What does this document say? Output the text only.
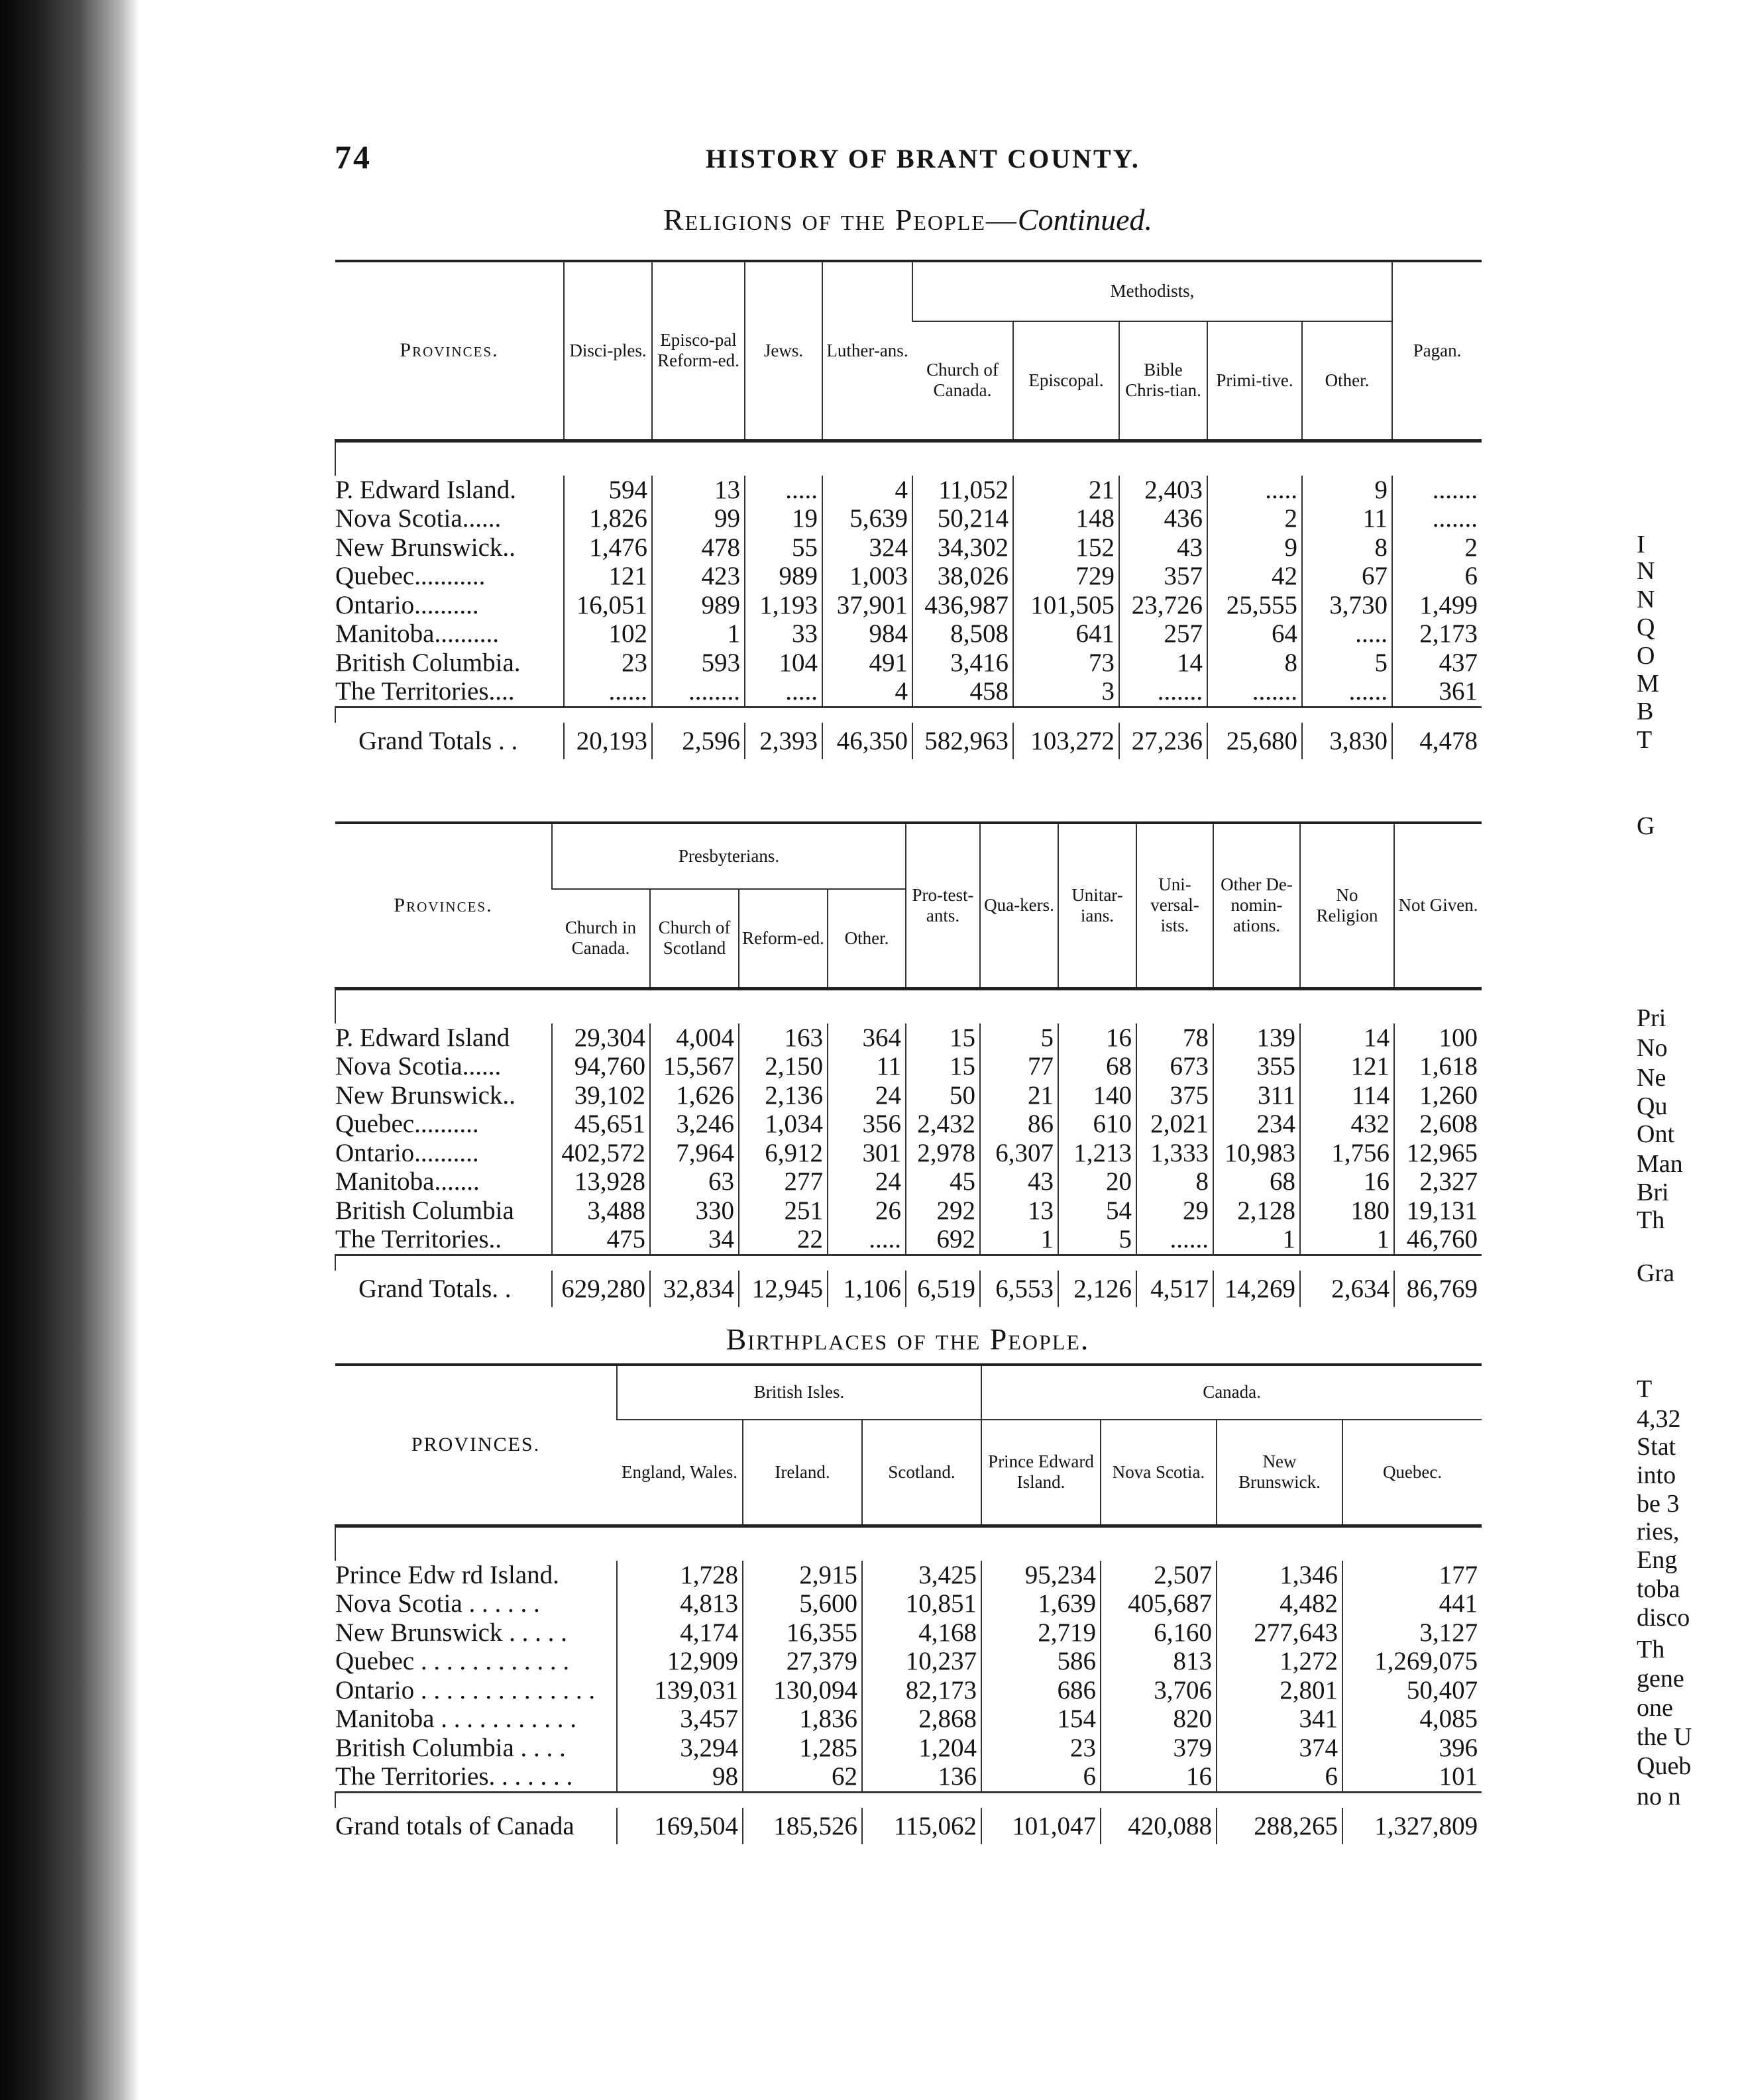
74	HISTORY OF BRANT COUNTY.
Religions of the People—Continued.
Provinces.	Disci-ples.	Episco-pal Reform-ed.	Jews.	Luther-ans.	Methodists,					Pagan.
					Church of Canada.	Episcopal.	Bible Chris-tian.	Primi-tive.	Other.	

P. Edward Island.	594	13	.....	4	11,052	21	2,403	.....	9	.......
Nova Scotia......	1,826	99	19	5,639	50,214	148	436	2	11	.......
New Brunswick..	1,476	478	55	324	34,302	152	43	9	8	2
Quebec...........	121	423	989	1,003	38,026	729	357	42	67	6
Ontario..........	16,051	989	1,193	37,901	436,987	101,505	23,726	25,555	3,730	1,499
Manitoba..........	102	1	33	984	8,508	641	257	64	.....	2,173
British Columbia.	23	593	104	491	3,416	73	14	8	5	437
The Territories....	......	........	.....	4	458	3	.......	.......	......	361

Grand Totals . .	20,193	2,596	2,393	46,350	582,963	103,272	27,236	25,680	3,830	4,478
Provinces.	Presbyterians.				Pro-test-ants.	Qua-kers.	Unitar-ians.	Uni-versal-ists.	Other De-nomin-ations.	No Religion	Not Given.
	Church in Canada.	Church of Scotland	Reform-ed.	Other.							

P. Edward Island	29,304	4,004	163	364	15	5	16	78	139	14	100
Nova Scotia......	94,760	15,567	2,150	11	15	77	68	673	355	121	1,618
New Brunswick..	39,102	1,626	2,136	24	50	21	140	375	311	114	1,260
Quebec..........	45,651	3,246	1,034	356	2,432	86	610	2,021	234	432	2,608
Ontario..........	402,572	7,964	6,912	301	2,978	6,307	1,213	1,333	10,983	1,756	12,965
Manitoba.......	13,928	63	277	24	45	43	20	8	68	16	2,327
British Columbia	3,488	330	251	26	292	13	54	29	2,128	180	19,131
The Territories..	475	34	22	.....	692	1	5	......	1	1	46,760

Grand Totals. .	629,280	32,834	12,945	1,106	6,519	6,553	2,126	4,517	14,269	2,634	86,769
Birthplaces of the People.
PROVINCES.	British Isles.			Canada.			
	England, Wales.	Ireland.	Scotland.	Prince Edward Island.	Nova Scotia.	New Brunswick.	Quebec.

Prince Edw rd Island.	1,728	2,915	3,425	95,234	2,507	1,346	177
Nova Scotia . . . . . .	4,813	5,600	10,851	1,639	405,687	4,482	441
New Brunswick . . . . .	4,174	16,355	4,168	2,719	6,160	277,643	3,127
Quebec . . . . . . . . . . . .	12,909	27,379	10,237	586	813	1,272	1,269,075
Ontario . . . . . . . . . . . . . .	139,031	130,094	82,173	686	3,706	2,801	50,407
Manitoba . . . . . . . . . . .	3,457	1,836	2,868	154	820	341	4,085
British Columbia . . . .	3,294	1,285	1,204	23	379	374	396
The Territories. . . . . . .	98	62	136	6	16	6	101

Grand totals of Canada	169,504	185,526	115,062	101,047	420,088	288,265	1,327,809
I
N
N
Q
O
M
B
T
G
Pri
No
Ne
Qu
Ont
Man
Bri
Th
Gra
T
4,32
Stat
into
be 3
ries,
Eng
toba
disco
Th
gene
one
the U
Queb
no n
